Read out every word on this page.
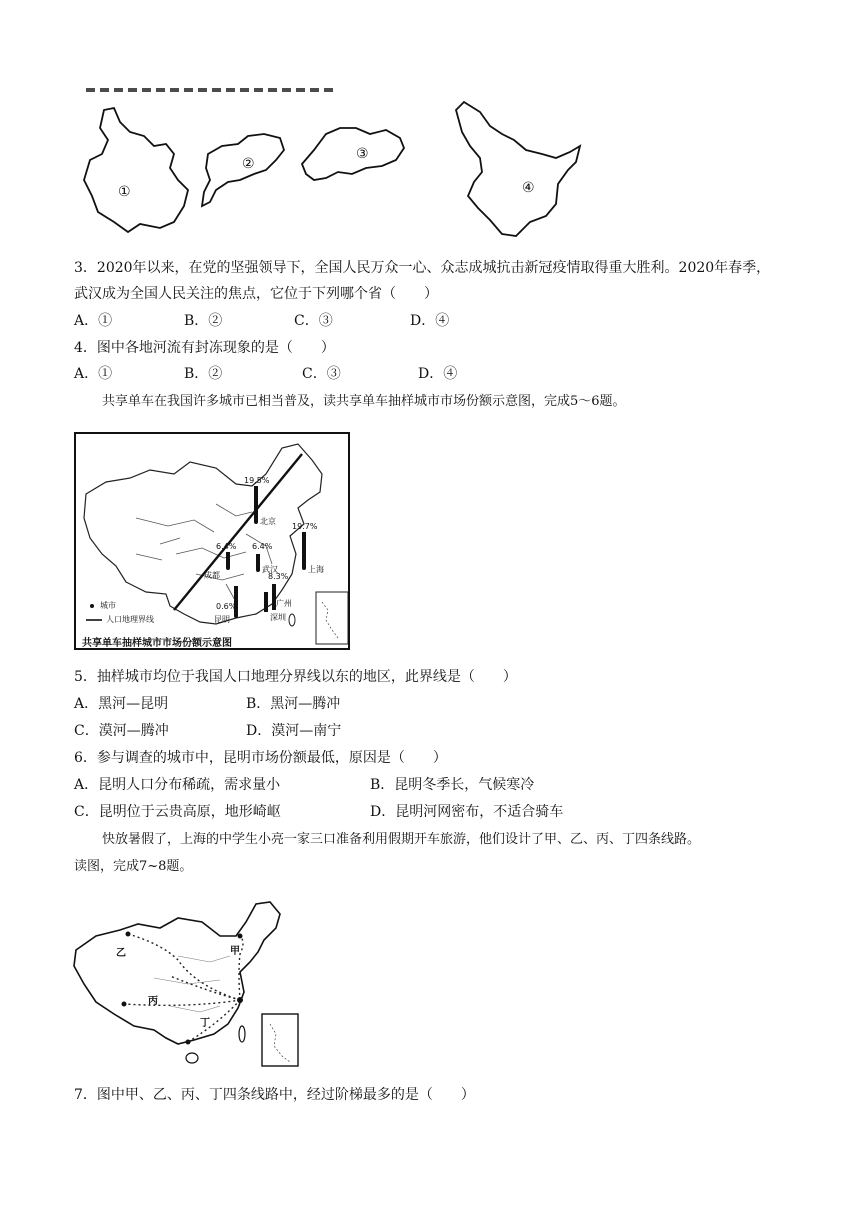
①
②
③
④
3．2020年以来，在党的坚强领导下，全国人民万众一心、众志成城抗击新冠疫情取得重大胜利。2020年春季，
武汉成为全国人民关注的焦点，它位于下列哪个省（　　）
A．①	B．②	C．③	D．④
4．图中各地河流有封冻现象的是（　　）
A．①	B．②	C．③	D．④
共享单车在我国许多城市已相当普及，读共享单车抽样城市市场份额示意图，完成5～6题。
19.5%
19.7%
6.4%
6.4%
0.6%
8.3%
北京
上海
成都
武汉
昆明	深圳
广州
城市
人口地理界线
共享单车抽样城市市场份额示意图
5．抽样城市均位于我国人口地理分界线以东的地区，此界线是（　　）
A．黑河—昆明	B．黑河—腾冲
C．漠河—腾冲	D．漠河—南宁
6．参与调查的城市中，昆明市场份额最低，原因是（　　）
A．昆明人口分布稀疏，需求量小	B．昆明冬季长，气候寒冷
C．昆明位于云贵高原，地形崎岖	D．昆明河网密布，不适合骑车
快放暑假了，上海的中学生小亮一家三口准备利用假期开车旅游，他们设计了甲、乙、丙、丁四条线路。
读图，完成7~8题。
甲
乙
丙
丁
7．图中甲、乙、丙、丁四条线路中，经过阶梯最多的是（　　）
